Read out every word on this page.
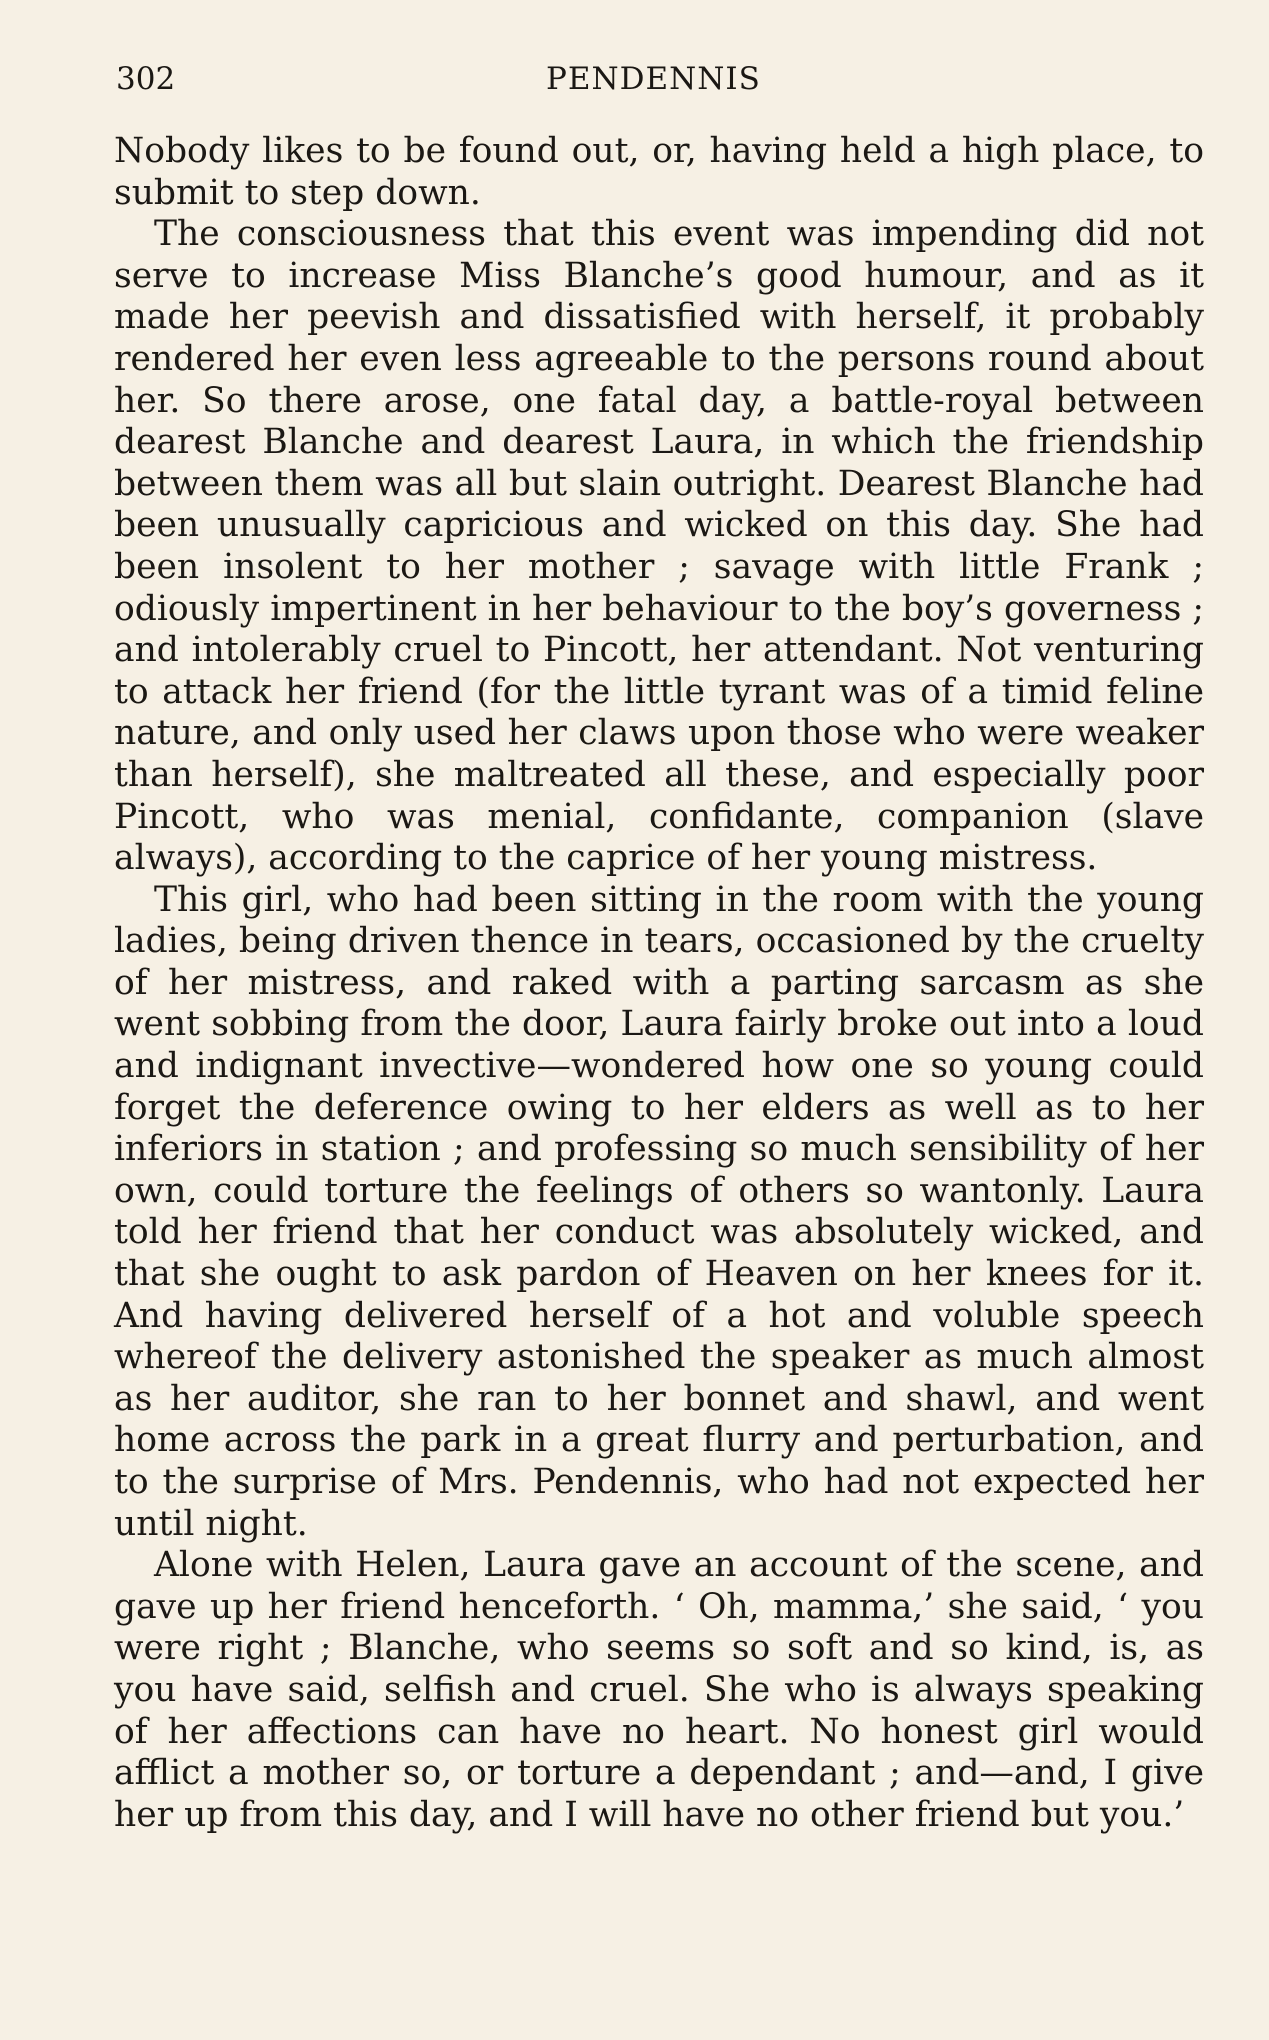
302	PENDENNIS

Nobody likes to be found out, or, having held a high place, to submit to step down.

The consciousness that this event was impending did not serve to increase Miss Blanche’s good humour, and as it made her peevish and dissatisfied with herself, it probably rendered her even less agreeable to the persons round about her. So there arose, one fatal day, a battle-royal between dearest Blanche and dearest Laura, in which the friendship between them was all but slain outright. Dearest Blanche had been unusually capricious and wicked on this day. She had been insolent to her mother ; savage with little Frank ; odiously impertinent in her behaviour to the boy’s governess ; and intolerably cruel to Pincott, her attendant. Not venturing to attack her friend (for the little tyrant was of a timid feline nature, and only used her claws upon those who were weaker than herself), she maltreated all these, and especially poor Pincott, who was menial, confidante, companion (slave always), according to the caprice of her young mistress.

This girl, who had been sitting in the room with the young ladies, being driven thence in tears, occasioned by the cruelty of her mistress, and raked with a parting sarcasm as she went sobbing from the door, Laura fairly broke out into a loud and indignant invective—wondered how one so young could forget the deference owing to her elders as well as to her inferiors in station ; and professing so much sensibility of her own, could torture the feelings of others so wantonly. Laura told her friend that her conduct was absolutely wicked, and that she ought to ask pardon of Heaven on her knees for it. And having delivered herself of a hot and voluble speech whereof the delivery astonished the speaker as much almost as her auditor, she ran to her bonnet and shawl, and went home across the park in a great flurry and perturbation, and to the surprise of Mrs. Pendennis, who had not expected her until night.

Alone with Helen, Laura gave an account of the scene, and gave up her friend henceforth. ‘ Oh, mamma,’ she said, ‘ you were right ; Blanche, who seems so soft and so kind, is, as you have said, selfish and cruel. She who is always speaking of her affections can have no heart. No honest girl would afflict a mother so, or torture a dependant ; and—and, I give her up from this day, and I will have no other friend but you.’
